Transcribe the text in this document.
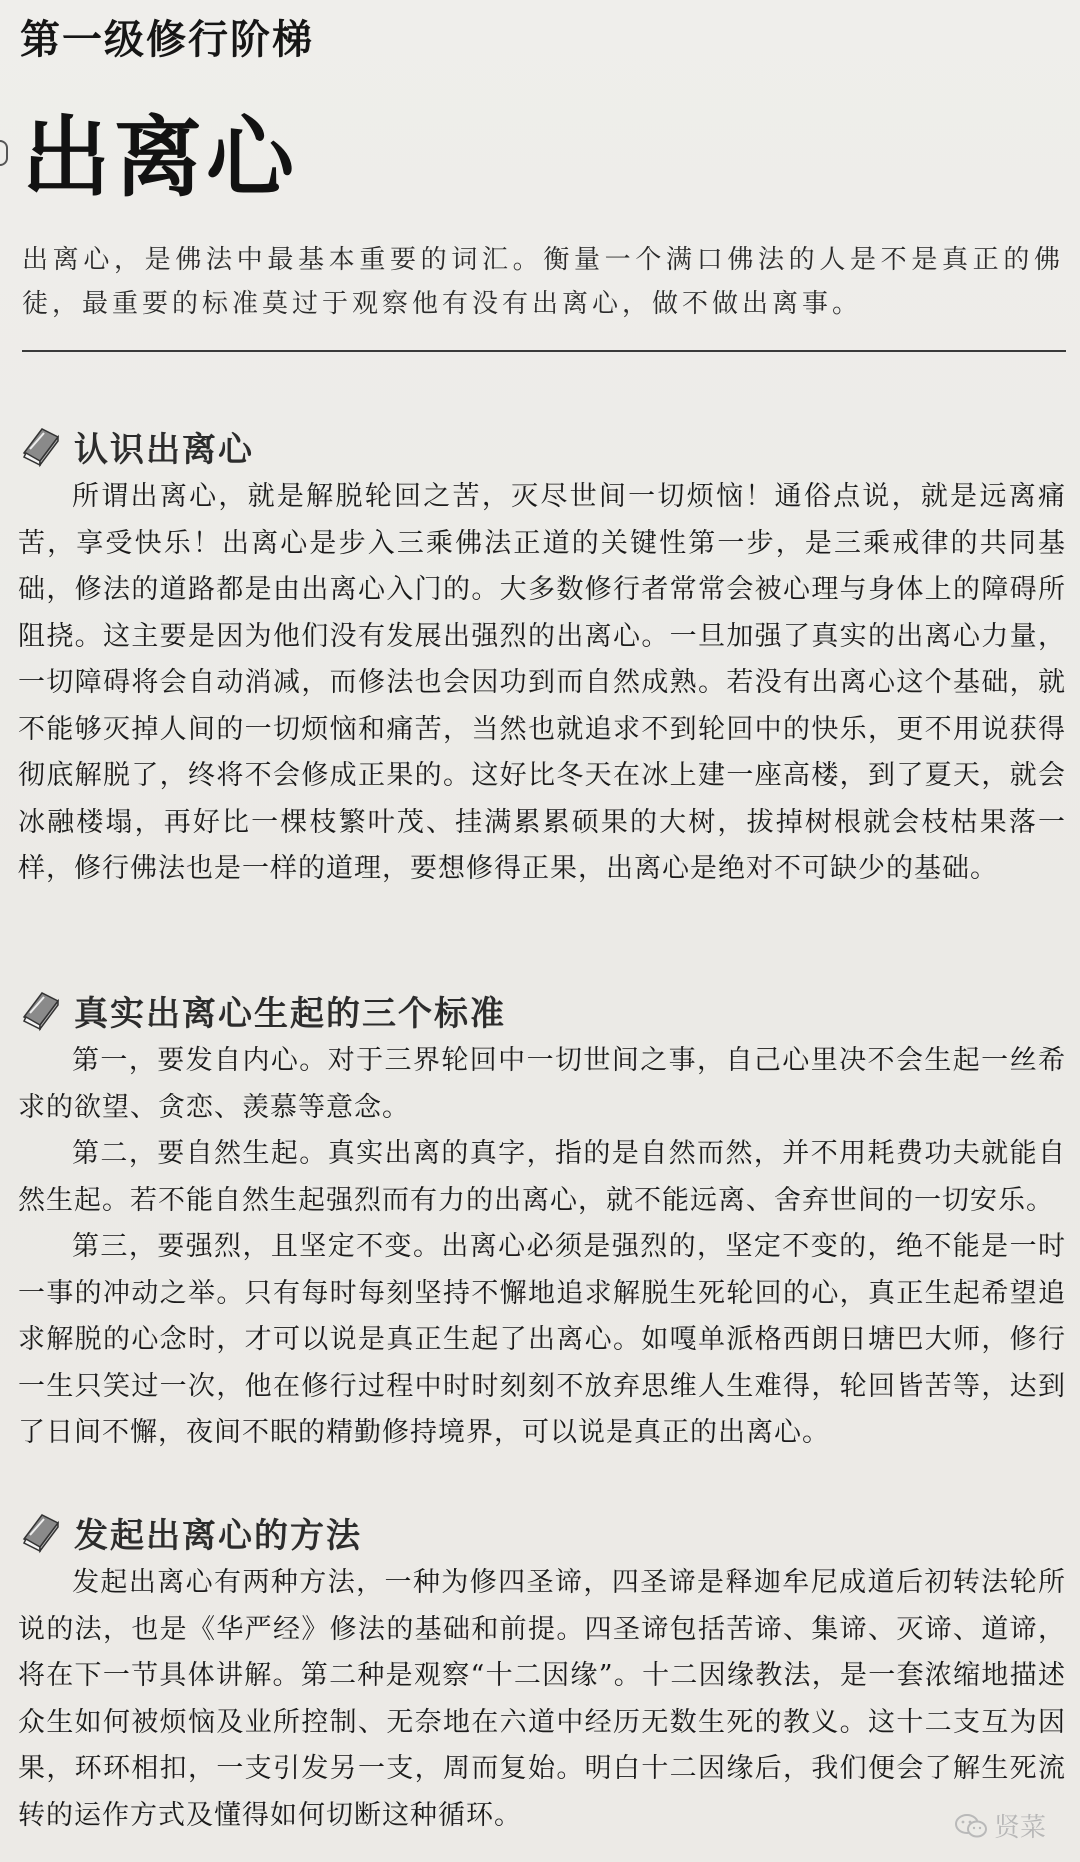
第一级修行阶梯
出离心

出离心，是佛法中最基本重要的词汇。衡量一个满口佛法的人是不是真正的佛徒，最重要的标准莫过于观察他有没有出离心，做不做出离事。

认识出离心

所谓出离心，就是解脱轮回之苦，灭尽世间一切烦恼！通俗点说，就是远离痛苦，享受快乐！出离心是步入三乘佛法正道的关键性第一步，是三乘戒律的共同基础，修法的道路都是由出离心入门的。大多数修行者常常会被心理与身体上的障碍所阻挠。这主要是因为他们没有发展出强烈的出离心。一旦加强了真实的出离心力量，一切障碍将会自动消减，而修法也会因功到而自然成熟。若没有出离心这个基础，就不能够灭掉人间的一切烦恼和痛苦，当然也就追求不到轮回中的快乐，更不用说获得彻底解脱了，终将不会修成正果的。这好比冬天在冰上建一座高楼，到了夏天，就会冰融楼塌，再好比一棵枝繁叶茂、挂满累累硕果的大树，拔掉树根就会枝枯果落一样，修行佛法也是一样的道理，要想修得正果，出离心是绝对不可缺少的基础。

真实出离心生起的三个标准

第一，要发自内心。对于三界轮回中一切世间之事，自己心里决不会生起一丝希求的欲望、贪恋、羡慕等意念。

第二，要自然生起。真实出离的真字，指的是自然而然，并不用耗费功夫就能自然生起。若不能自然生起强烈而有力的出离心，就不能远离、舍弃世间的一切安乐。

第三，要强烈，且坚定不变。出离心必须是强烈的，坚定不变的，绝不能是一时一事的冲动之举。只有每时每刻坚持不懈地追求解脱生死轮回的心，真正生起希望追求解脱的心念时，才可以说是真正生起了出离心。如嘎单派格西朗日塘巴大师，修行一生只笑过一次，他在修行过程中时时刻刻不放弃思维人生难得，轮回皆苦等，达到了日间不懈，夜间不眠的精勤修持境界，可以说是真正的出离心。

发起出离心的方法

发起出离心有两种方法，一种为修四圣谛，四圣谛是释迦牟尼成道后初转法轮所说的法，也是《华严经》修法的基础和前提。四圣谛包括苦谛、集谛、灭谛、道谛，将在下一节具体讲解。第二种是观察“十二因缘”。十二因缘教法，是一套浓缩地描述众生如何被烦恼及业所控制、无奈地在六道中经历无数生死的教义。这十二支互为因果，环环相扣，一支引发另一支，周而复始。明白十二因缘后，我们便会了解生死流转的运作方式及懂得如何切断这种循环。	贤菜
